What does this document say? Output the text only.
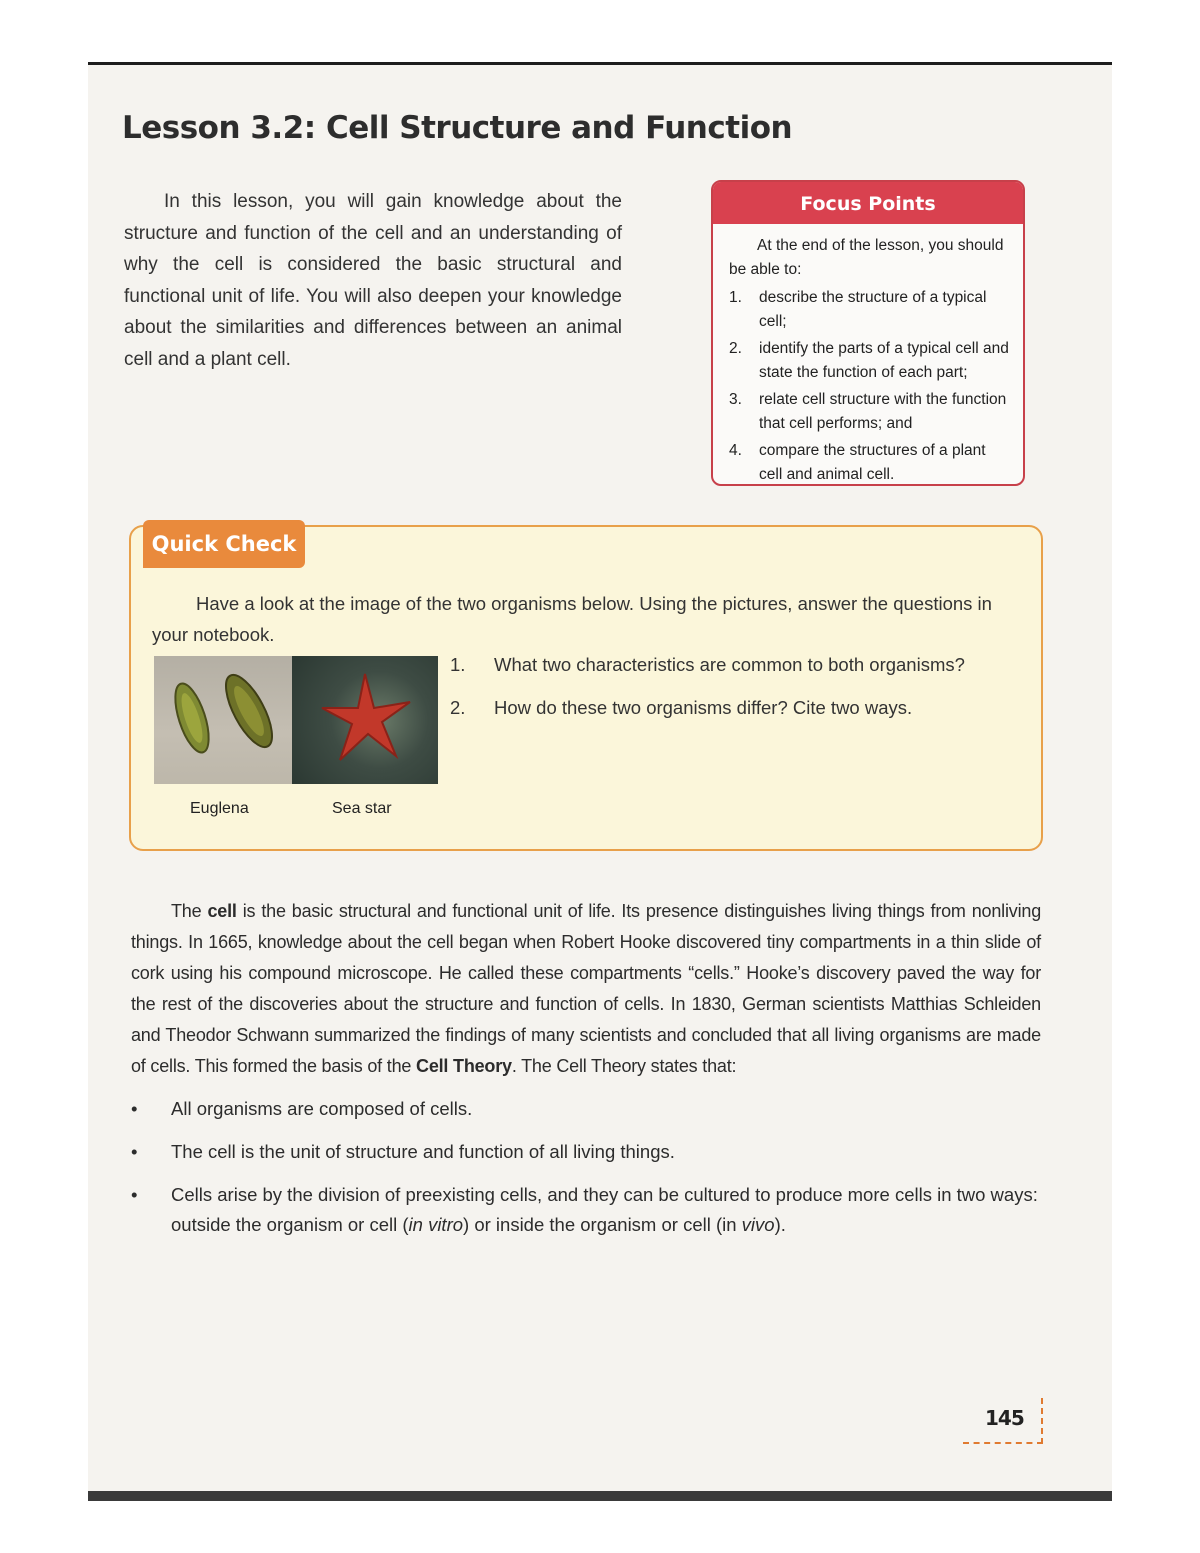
Lesson 3.2: Cell Structure and Function

In this lesson, you will gain knowledge about the structure and function of the cell and an understanding of why the cell is considered the basic structural and functional unit of life. You will also deepen your knowledge about the similarities and differences between an animal cell and a plant cell.

Focus Points

At the end of the lesson, you should be able to:

1.	describe the structure of a typical cell;
2.	identify the parts of a typical cell and state the function of each part;
3.	relate cell structure with the function that cell performs; and
4.	compare the structures of a plant cell and animal cell.
Quick Check

Have a look at the image of the two organisms below. Using the pictures, answer the questions in your notebook.

Euglena	Sea star
1.	What two characteristics are common to both organisms?
2.	How do these two organisms differ? Cite two ways.

The cell is the basic structural and functional unit of life. Its presence distinguishes living things from nonliving things. In 1665, knowledge about the cell began when Robert Hooke discovered tiny compartments in a thin slide of cork using his compound microscope. He called these compartments “cells.” Hooke’s discovery paved the way for the rest of the discoveries about the structure and function of cells. In 1830, German scientists Matthias Schleiden and Theodor Schwann summarized the findings of many scientists and concluded that all living organisms are made of cells. This formed the basis of the Cell Theory. The Cell Theory states that:

• All organisms are composed of cells.
• The cell is the unit of structure and function of all living things.
• Cells arise by the division of preexisting cells, and they can be cultured to produce more cells in two ways: outside the organism or cell (in vitro) or inside the organism or cell (in vivo).
145
